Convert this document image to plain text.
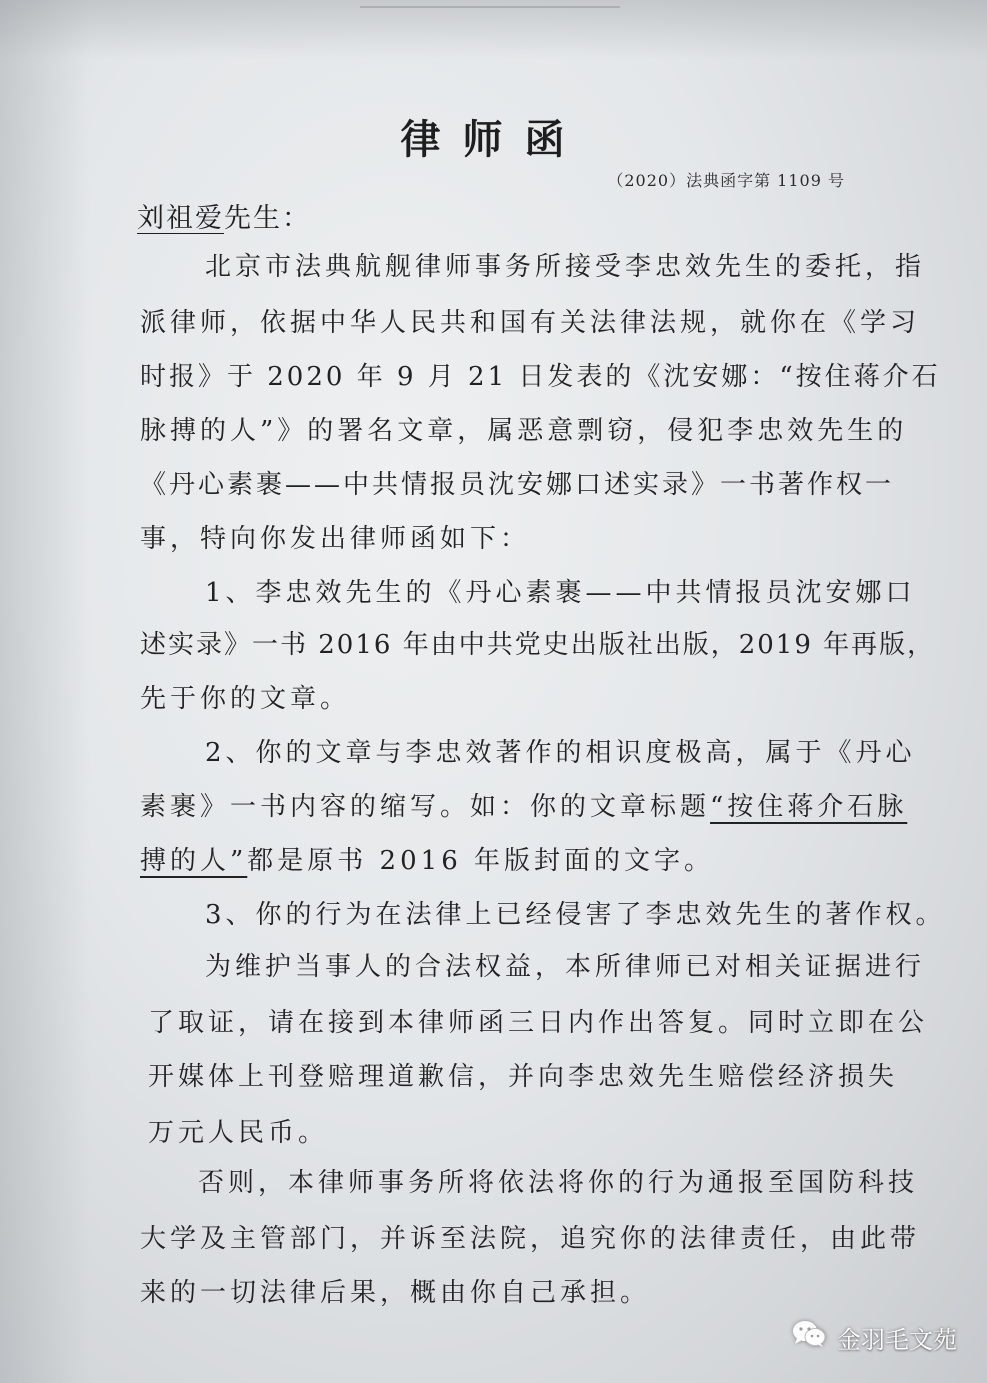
律师函
（2020）法典函字第 1109 号
刘祖爱先生：
北京市法典航舰律师事务所接受李忠效先生的委托，指
派律师，依据中华人民共和国有关法律法规，就你在《学习
时报》于 2020 年 9 月 21 日发表的《沈安娜：“按住蒋介石
脉搏的人”》的署名文章，属恶意剽窃，侵犯李忠效先生的
《丹心素裹——中共情报员沈安娜口述实录》一书著作权一
事，特向你发出律师函如下：
1、李忠效先生的《丹心素裹——中共情报员沈安娜口
述实录》一书 2016 年由中共党史出版社出版，2019 年再版，
先于你的文章。
2、你的文章与李忠效著作的相识度极高，属于《丹心
素裹》一书内容的缩写。如：你的文章标题“按住蒋介石脉
搏的人”都是原书 2016 年版封面的文字。
3、你的行为在法律上已经侵害了李忠效先生的著作权。
为维护当事人的合法权益，本所律师已对相关证据进行
了取证，请在接到本律师函三日内作出答复。同时立即在公
开媒体上刊登赔理道歉信，并向李忠效先生赔偿经济损失
万元人民币。
否则，本律师事务所将依法将你的行为通报至国防科技
大学及主管部门，并诉至法院，追究你的法律责任，由此带
来的一切法律后果，概由你自己承担。
金羽毛文苑
